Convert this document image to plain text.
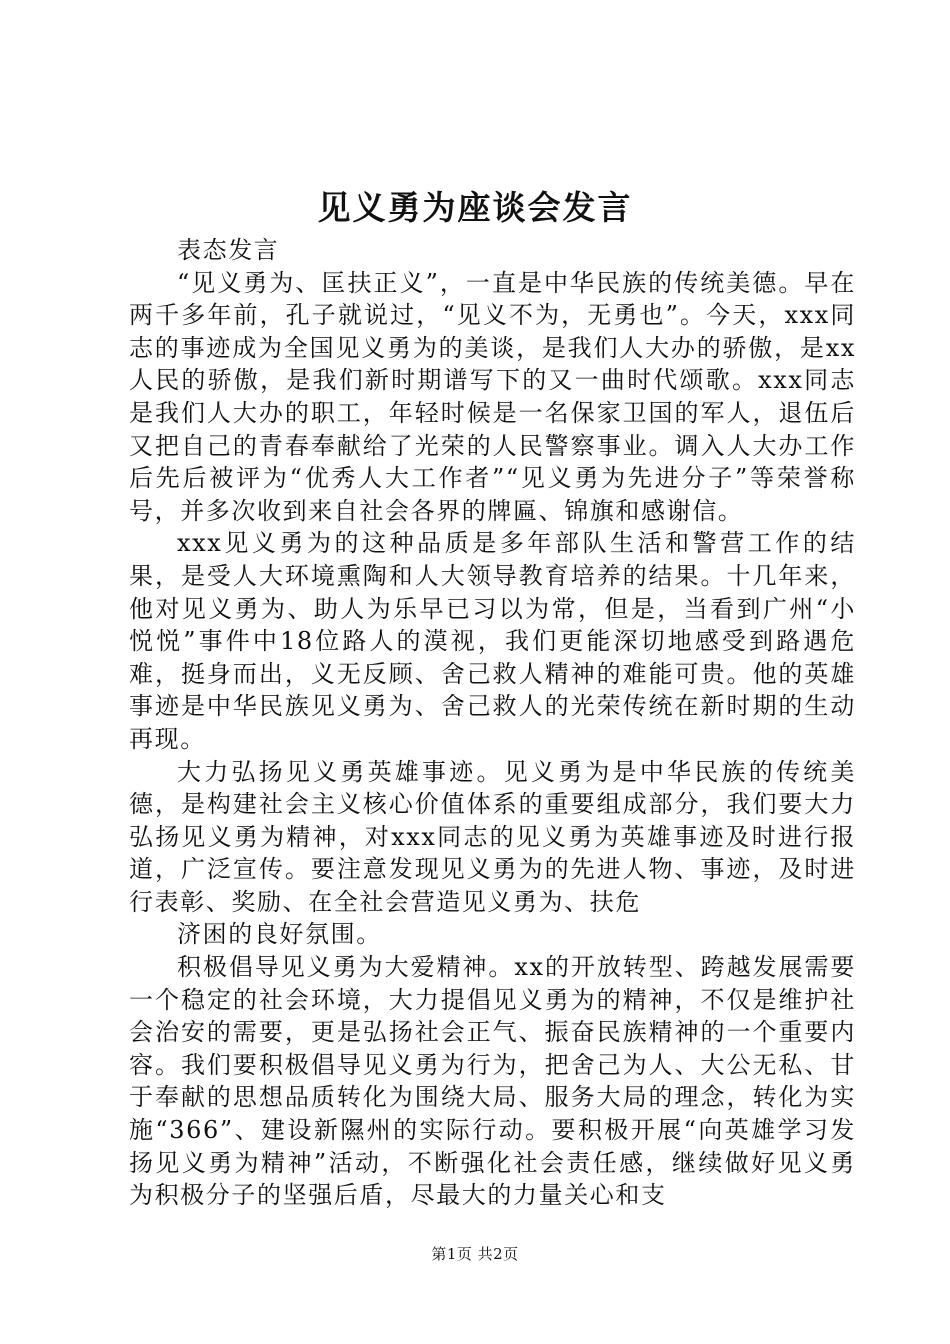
见义勇为座谈会发言

表态发言

“见义勇为、匡扶正义”，一直是中华民族的传统美德。早在两千多年前，孔子就说过，“见义不为，无勇也”。今天，xxx同志的事迹成为全国见义勇为的美谈，是我们人大办的骄傲，是xx人民的骄傲，是我们新时期谱写下的又一曲时代颂歌。xxx同志是我们人大办的职工，年轻时候是一名保家卫国的军人，退伍后又把自己的青春奉献给了光荣的人民警察事业。调入人大办工作后先后被评为“优秀人大工作者”“见义勇为先进分子”等荣誉称号，并多次收到来自社会各界的牌匾、锦旗和感谢信。

xxx见义勇为的这种品质是多年部队生活和警营工作的结果，是受人大环境熏陶和人大领导教育培养的结果。十几年来，他对见义勇为、助人为乐早已习以为常，但是，当看到广州“小悦悦”事件中18位路人的漠视，我们更能深切地感受到路遇危难，挺身而出，义无反顾、舍己救人精神的难能可贵。他的英雄事迹是中华民族见义勇为、舍己救人的光荣传统在新时期的生动再现。

大力弘扬见义勇英雄事迹。见义勇为是中华民族的传统美德，是构建社会主义核心价值体系的重要组成部分，我们要大力弘扬见义勇为精神，对xxx同志的见义勇为英雄事迹及时进行报道，广泛宣传。要注意发现见义勇为的先进人物、事迹，及时进行表彰、奖励、在全社会营造见义勇为、扶危

济困的良好氛围。

积极倡导见义勇为大爱精神。xx的开放转型、跨越发展需要一个稳定的社会环境，大力提倡见义勇为的精神，不仅是维护社会治安的需要，更是弘扬社会正气、振奋民族精神的一个重要内容。我们要积极倡导见义勇为行为，把舍己为人、大公无私、甘于奉献的思想品质转化为围绕大局、服务大局的理念，转化为实施“366”、建设新隰州的实际行动。要积极开展“向英雄学习发扬见义勇为精神”活动，不断强化社会责任感，继续做好见义勇为积极分子的坚强后盾，尽最大的力量关心和支

第1页 共2页
